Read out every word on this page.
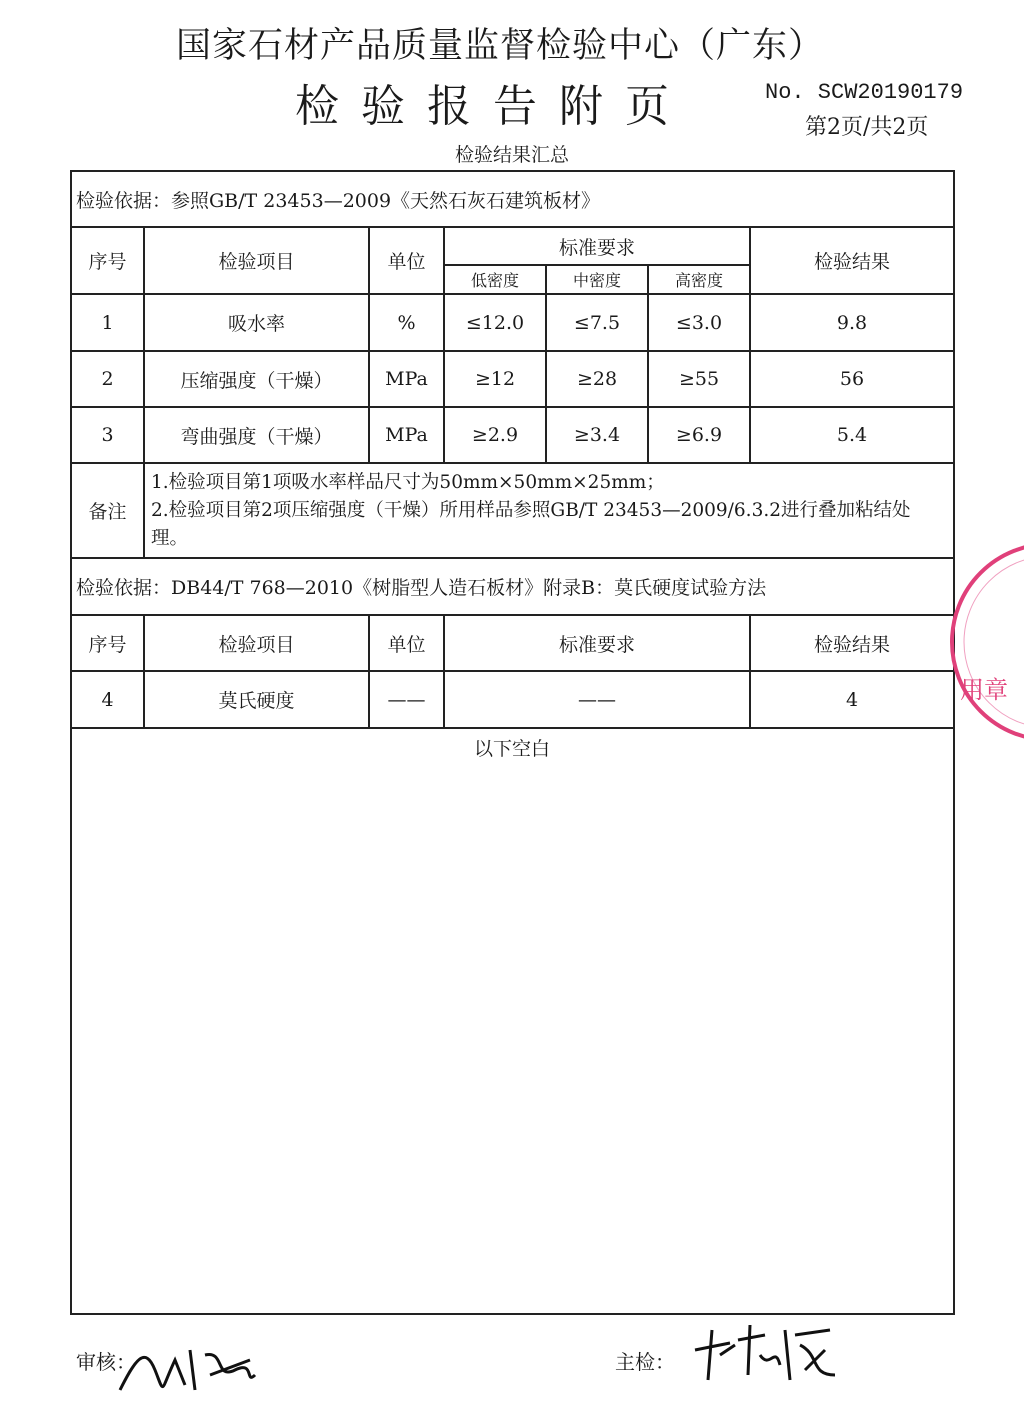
国家石材产品质量监督检验中心（广东）
检验报告附页	No. SCW20190179
第2页/共2页
检验结果汇总
检验依据：参照GB/T 23453—2009《天然石灰石建筑板材》						
序号	检验项目	单位	标准要求			检验结果
			低密度	中密度	高密度	
1	吸水率	%	≤12.0	≤7.5	≤3.0	9.8
2	压缩强度（干燥）	MPa	≥12	≥28	≥55	56
3	弯曲强度（干燥）	MPa	≥2.9	≥3.4	≥6.9	5.4
备注	1.检验项目第1项吸水率样品尺寸为50mm×50mm×25mm；
2.检验项目第2项压缩强度（干燥）所用样品参照GB/T 23453—2009/6.3.2进行叠加粘结处理。					

检验依据：DB44/T 768—2010《树脂型人造石板材》附录B：莫氏硬度试验方法						
序号	检验项目	单位	标准要求			检验结果
4	莫氏硬度	——	——			4

以下空白
用章
审核：	主检：
